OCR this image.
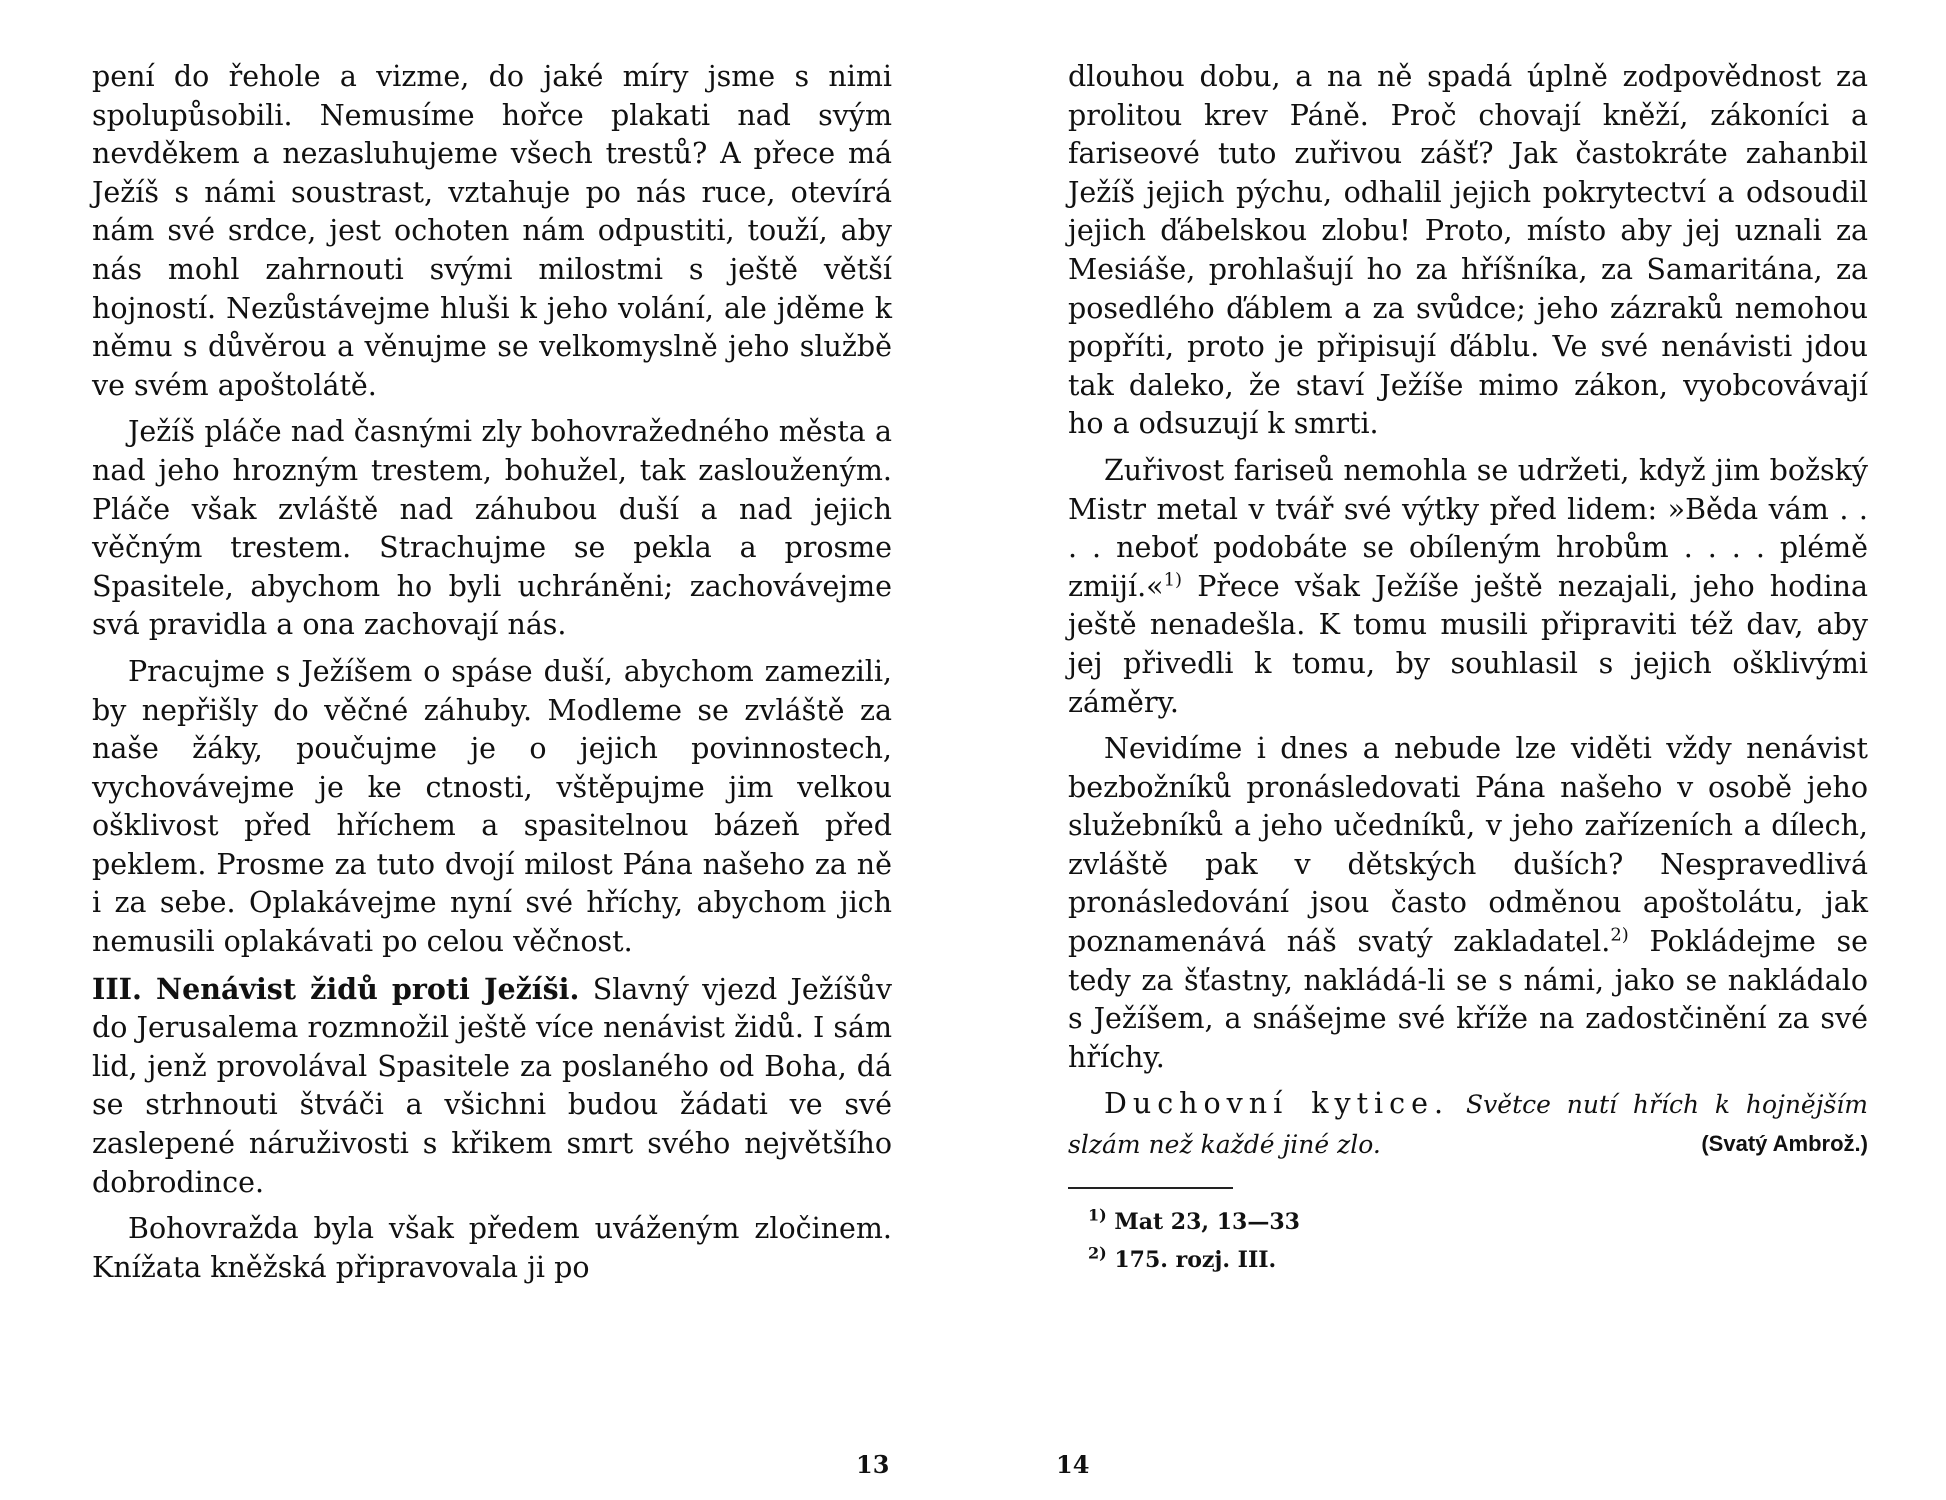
pení do řehole a vizme, do jaké míry jsme s nimi spolupůsobili. Nemusíme hořce plakati nad svým nevděkem a nezasluhujeme všech trestů? A přece má Ježíš s námi soustrast, vztahuje po nás ruce, otevírá nám své srdce, jest ochoten nám odpustiti, touží, aby nás mohl zahrnouti svými milostmi s ještě větší hojností. Nezůstávejme hluši k jeho volání, ale jděme k němu s důvěrou a věnujme se velkomyslně jeho službě ve svém apoštolátě.

Ježíš pláče nad časnými zly bohovražedného města a nad jeho hrozným trestem, bohužel, tak zaslouženým. Pláče však zvláště nad záhubou duší a nad jejich věčným trestem. Strachujme se pekla a prosme Spasitele, abychom ho byli uchráněni; zachovávejme svá pravidla a ona zachovají nás.

Pracujme s Ježíšem o spáse duší, abychom zamezili, by nepřišly do věčné záhuby. Modleme se zvláště za naše žáky, poučujme je o jejich povinnostech, vychovávejme je ke ctnosti, vštěpujme jim velkou ošklivost před hříchem a spasitelnou bázeň před peklem. Prosme za tuto dvojí milost Pána našeho za ně i za sebe. Oplakávejme nyní své hříchy, abychom jich nemusili oplakávati po celou věčnost.

III. Nenávist židů proti Ježíši. Slavný vjezd Ježíšův do Jerusalema rozmnožil ještě více nenávist židů. I sám lid, jenž provolával Spasitele za poslaného od Boha, dá se strhnouti štváči a všichni budou žádati ve své zaslepené náruživosti s křikem smrt svého největšího dobrodince.

Bohovražda byla však předem uváženým zločinem. Knížata kněžská připravovala ji po

dlouhou dobu, a na ně spadá úplně zodpovědnost za prolitou krev Páně. Proč chovají kněží, zákoníci a fariseové tuto zuřivou zášť? Jak častokráte zahanbil Ježíš jejich pýchu, odhalil jejich pokrytectví a odsoudil jejich ďábelskou zlobu! Proto, místo aby jej uznali za Mesiáše, prohlašují ho za hříšníka, za Samaritána, za posedlého ďáblem a za svůdce; jeho zázraků nemohou popříti, proto je připisují ďáblu. Ve své nenávisti jdou tak daleko, že staví Ježíše mimo zákon, vyobcovávají ho a odsuzují k smrti.

Zuřivost fariseů nemohla se udržeti, když jim božský Mistr metal v tvář své výtky před lidem: »Běda vám . . . . neboť podobáte se obíleným hrobům . . . . plémě zmijí.«$^{1)}$ Přece však Ježíše ještě nezajali, jeho hodina ještě nenadešla. K tomu musili připraviti též dav, aby jej přivedli k tomu, by souhlasil s jejich ošklivými záměry.

Nevidíme i dnes a nebude lze viděti vždy nenávist bezbožníků pronásledovati Pána našeho v osobě jeho služebníků a jeho učedníků, v jeho zařízeních a dílech, zvláště pak v dětských duších? Nespravedlivá pronásledování jsou často odměnou apoštolátu, jak poznamenává náš svatý zakladatel.$^{2)}$ Pokládejme se tedy za šťastny, nakládá-li se s námi, jako se nakládalo s Ježíšem, a snášejme své kříže na zadostčinění za své hříchy.

Duchovní kytice. Světce nutí hřích k hojnějším slzám než každé jiné zlo.	(Svatý Ambrož.)

$^{1)}$ Mat 23, 13—33

$^{2)}$ 175. rozj. III.

13	14
